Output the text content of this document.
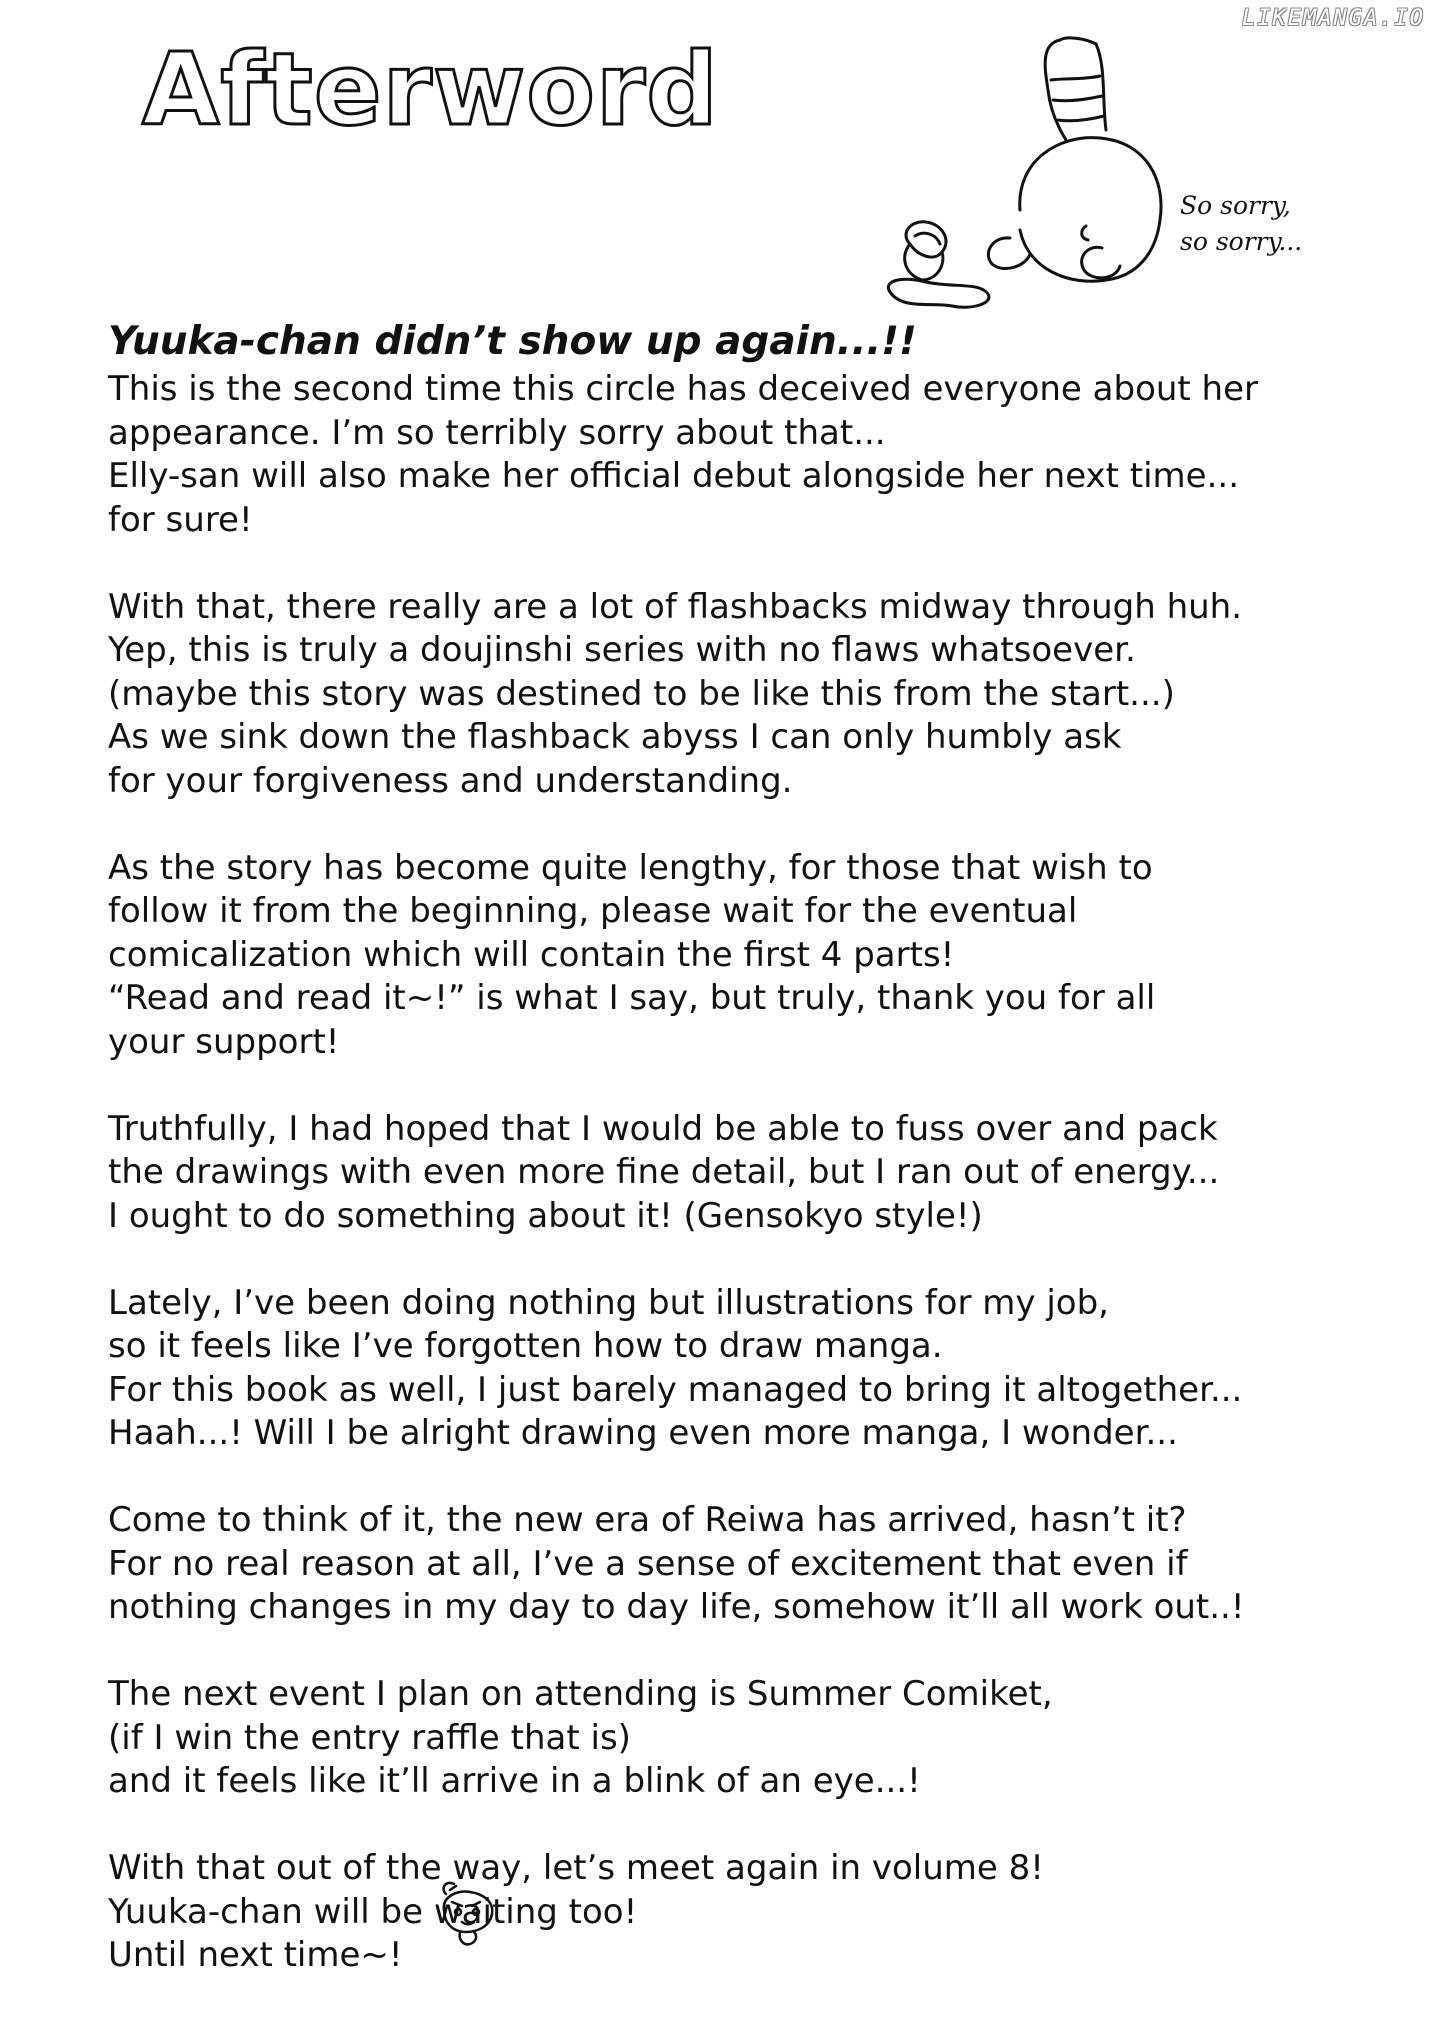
LIKEMANGA.IO
Afterword
So sorry,
so sorry...
Yuuka-chan didn’t show up again...!!
This is the second time this circle has deceived everyone about her
appearance. I’m so terribly sorry about that...
Elly-san will also make her official debut alongside her next time...
for sure!
With that, there really are a lot of flashbacks midway through huh.
Yep, this is truly a doujinshi series with no flaws whatsoever.
(maybe this story was destined to be like this from the start...)
As we sink down the flashback abyss I can only humbly ask
for your forgiveness and understanding.
As the story has become quite lengthy, for those that wish to
follow it from the beginning, please wait for the eventual
comicalization which will contain the first 4 parts!
“Read and read it~!” is what I say, but truly, thank you for all
your support!
Truthfully, I had hoped that I would be able to fuss over and pack
the drawings with even more fine detail, but I ran out of energy...
I ought to do something about it! (Gensokyo style!)
Lately, I’ve been doing nothing but illustrations for my job,
so it feels like I’ve forgotten how to draw manga.
For this book as well, I just barely managed to bring it altogether...
Haah...! Will I be alright drawing even more manga, I wonder...
Come to think of it, the new era of Reiwa has arrived, hasn’t it?
For no real reason at all, I’ve a sense of excitement that even if
nothing changes in my day to day life, somehow it’ll all work out..!
The next event I plan on attending is Summer Comiket,
(if I win the entry raffle that is)
and it feels like it’ll arrive in a blink of an eye...!
With that out of the way, let’s meet again in volume 8!
Yuuka-chan will be waiting too!
Until next time~!
